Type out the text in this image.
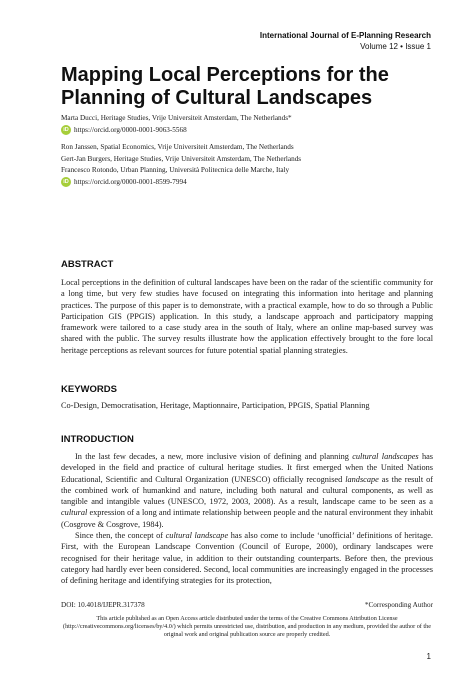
International Journal of E-Planning Research
Volume 12 • Issue 1
Mapping Local Perceptions for the Planning of Cultural Landscapes
Marta Ducci, Heritage Studies, Vrije Universiteit Amsterdam, The Netherlands*
iD https://orcid.org/0000-0001-9063-5568
Ron Janssen, Spatial Economics, Vrije Universiteit Amsterdam, The Netherlands
Gert-Jan Burgers, Heritage Studies, Vrije Universiteit Amsterdam, The Netherlands
Francesco Rotondo, Urban Planning, Università Politecnica delle Marche, Italy
iD https://orcid.org/0000-0001-8599-7994
ABSTRACT

Local perceptions in the definition of cultural landscapes have been on the radar of the scientific community for a long time, but very few studies have focused on integrating this information into heritage and planning practices. The purpose of this paper is to demonstrate, with a practical example, how to do so through a Public Participation GIS (PPGIS) application. In this study, a landscape approach and participatory mapping framework were tailored to a case study area in the south of Italy, where an online map-based survey was shared with the public. The survey results illustrate how the application effectively brought to the fore local heritage perceptions as relevant sources for future potential spatial planning strategies.

KEYWORDS

Co-Design, Democratisation, Heritage, Maptionnaire, Participation, PPGIS, Spatial Planning

INTRODUCTION

In the last few decades, a new, more inclusive vision of defining and planning cultural landscapes has developed in the field and practice of cultural heritage studies. It first emerged when the United Nations Educational, Scientific and Cultural Organization (UNESCO) officially recognised landscape as the result of the combined work of humankind and nature, including both natural and cultural components, as well as tangible and intangible values (UNESCO, 1972, 2003, 2008). As a result, landscape came to be seen as a cultural expression of a long and intimate relationship between people and the natural environment they inhabit (Cosgrove & Cosgrove, 1984).

Since then, the concept of cultural landscape has also come to include ‘unofficial’ definitions of heritage. First, with the European Landscape Convention (Council of Europe, 2000), ordinary landscapes were recognised for their heritage value, in addition to their outstanding counterparts. Before then, the previous category had hardly ever been considered. Second, local communities are increasingly engaged in the processes of defining heritage and identifying strategies for its protection,

DOI: 10.4018/IJEPR.317378	*Corresponding Author

This article published as an Open Access article distributed under the terms of the Creative Commons Attribution License (http://creativecommons.org/licenses/by/4.0/) which permits unrestricted use, distribution, and production in any medium, provided the author of the original work and original publication source are properly credited.

1
